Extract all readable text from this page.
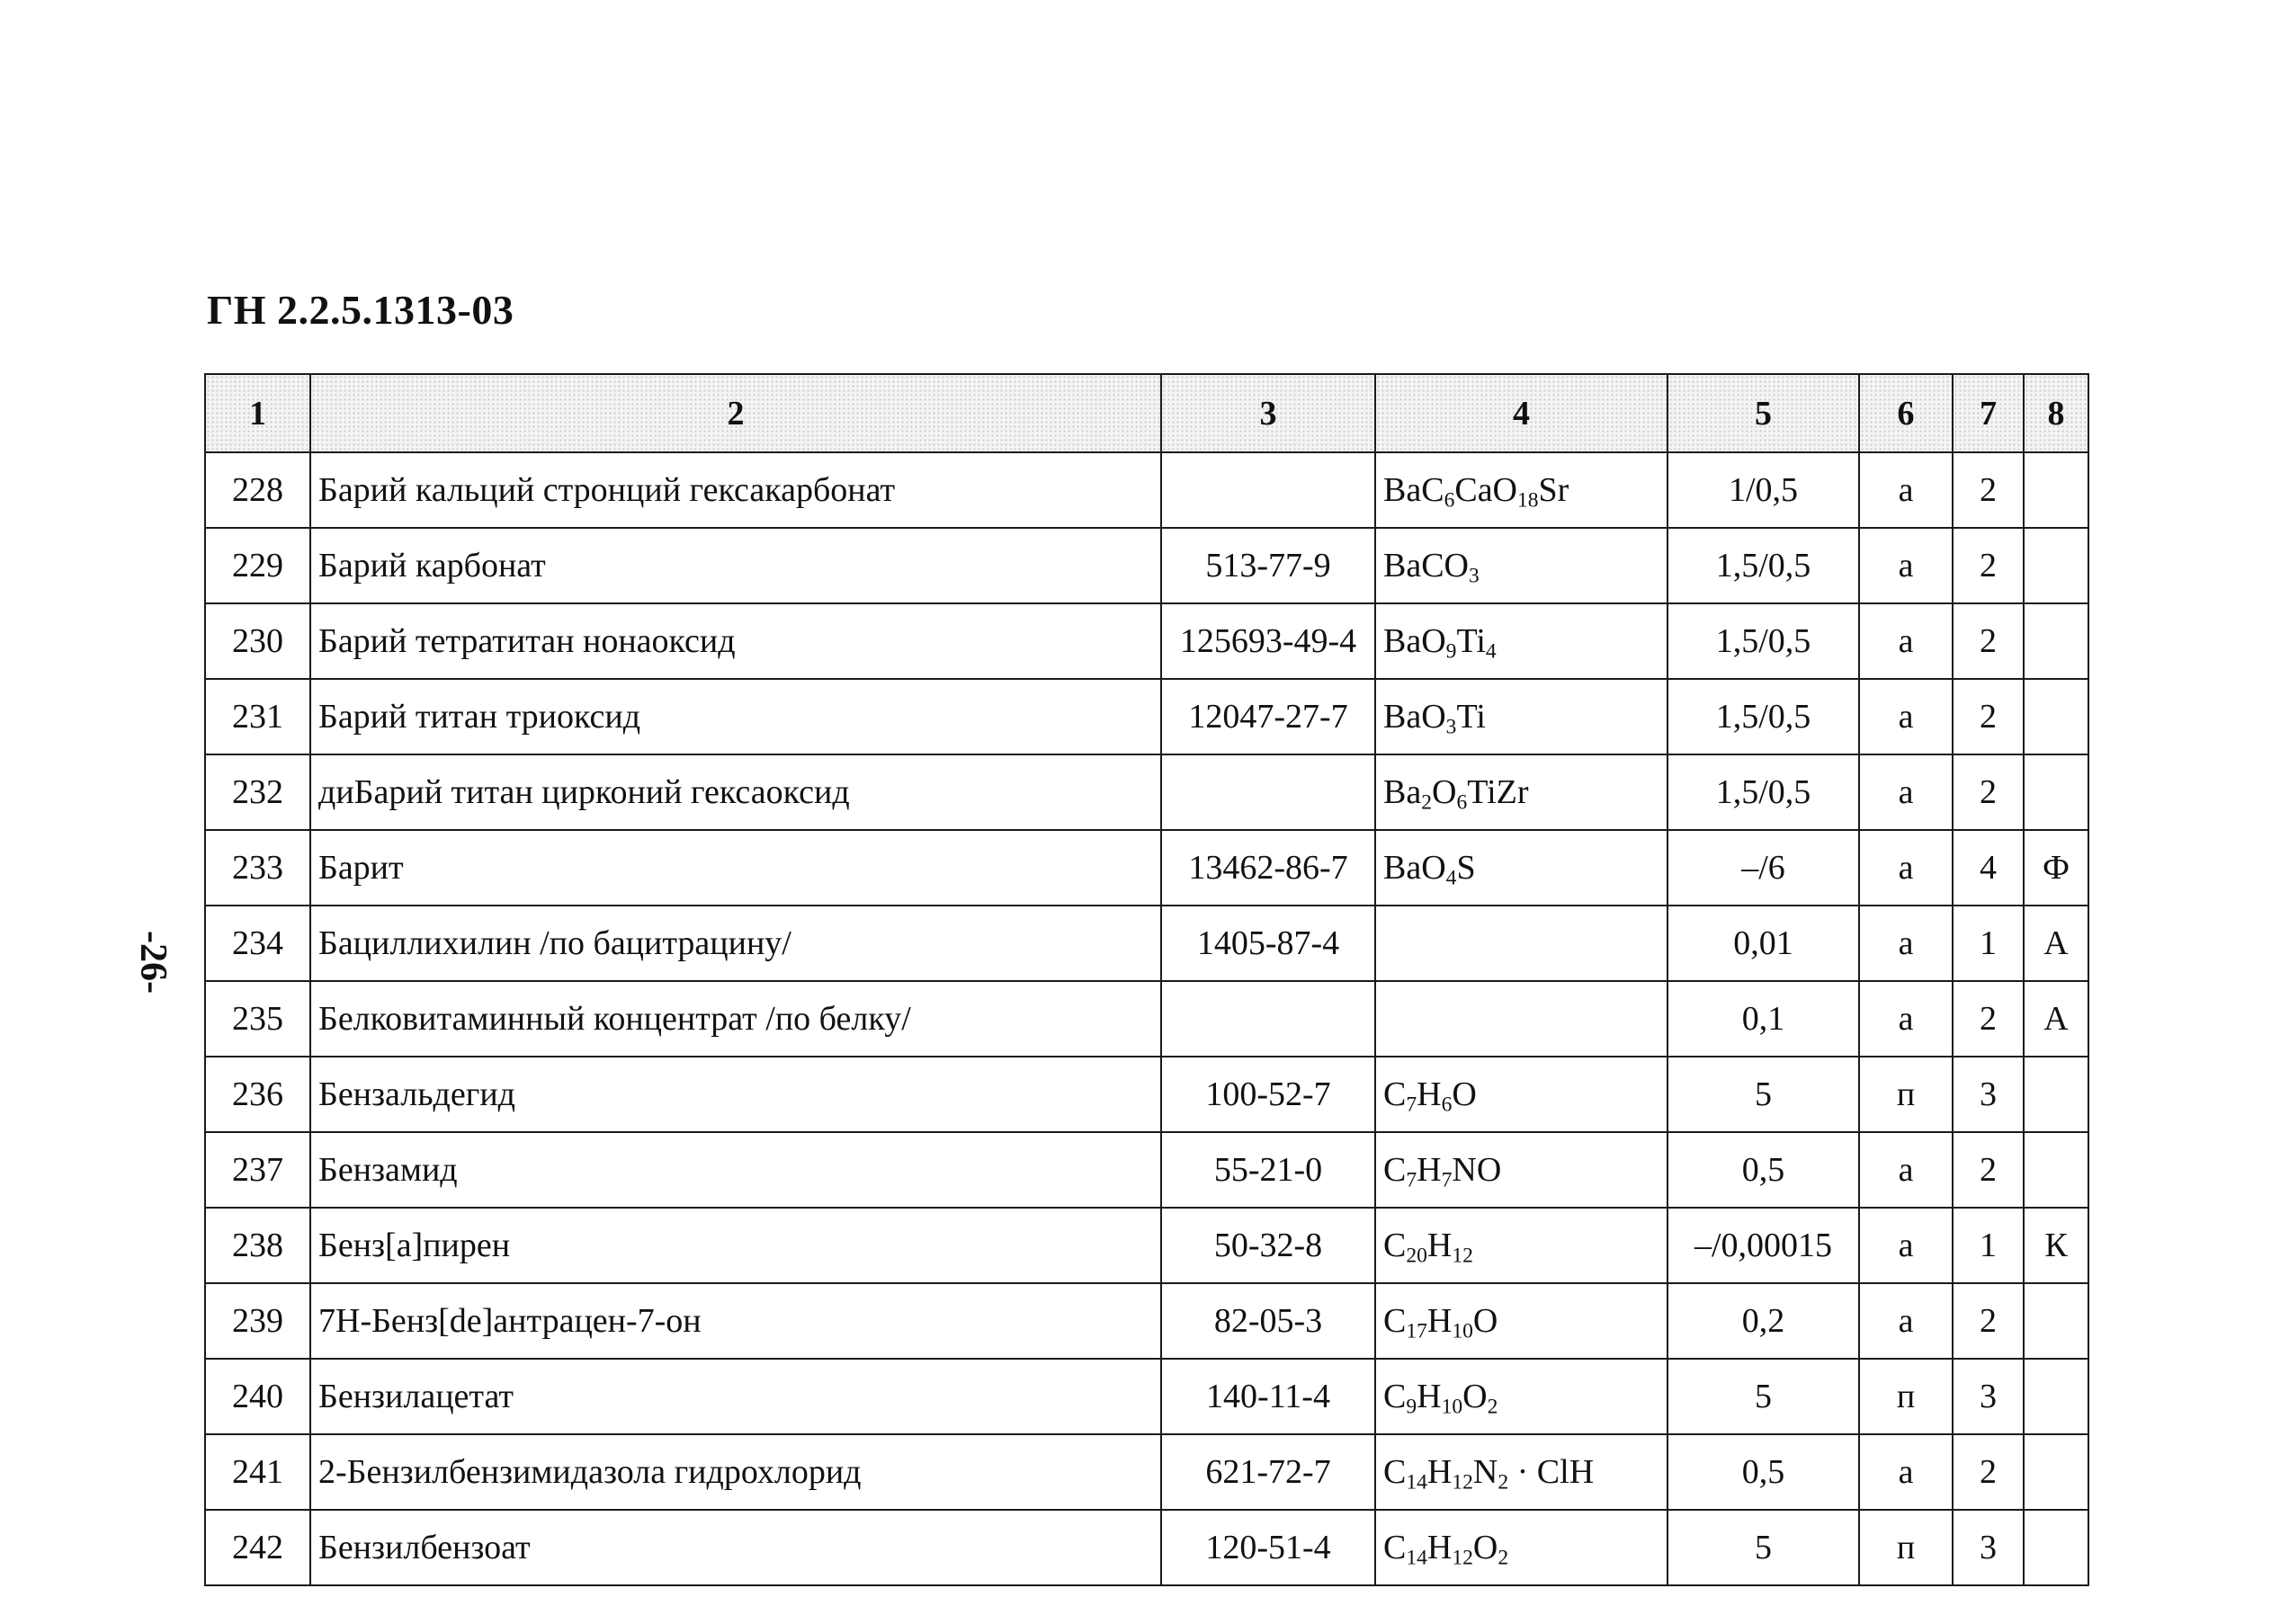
ГН 2.2.5.1313-03
-26-
1	2	3	4	5	6	7	8
228	Барий кальций стронций гексакарбонат		BaC$_6$CaO$_{18}$Sr	1/0,5	а	2	
229	Барий карбонат	513-77-9	BaCO$_3$	1,5/0,5	а	2	
230	Барий тетратитан нонаоксид	125693-49-4	$BaO_9Ti_4$	1,5/0,5	а	2	
231	Барий титан триоксид	12047-27-7	BaO$_3$Ti	1,5/0,5	а	2	
232	диБарий титан цирконий гексаоксид		$Ba_2O_6TiZr$	1,5/0,5	а	2	
233	Барит	13462-86-7	BaO$_4$S	–/6	а	4	Ф
234	Бациллихилин /по бацитрацину/	1405-87-4		0,01	а	1	А
235	Белковитаминный концентрат /по белку/			0,1	а	2	А
236	Бензальдегид	100-52-7	$C_7H_6O$	5	п	3	
237	Бензамид	55-21-0	$C_7H_7NO$	0,5	а	2	
238	Бенз[а]пирен	50-32-8	$C_{20}H_{12}$	–/0,00015	а	1	К
239	7Н-Бенз[de]антрацен-7-он	82-05-3	$C_{17}H_{10}O$	0,2	а	2	
240	Бензилацетат	140-11-4	$C_9H_{10}O_2$	5	п	3	
241	2-Бензилбензимидазола гидрохлорид	621-72-7	$C_{14}H_{12}N_2$ · ClH	0,5	а	2	
242	Бензилбензоат	120-51-4	$C_{14}H_{12}O_2$	5	п	3	
